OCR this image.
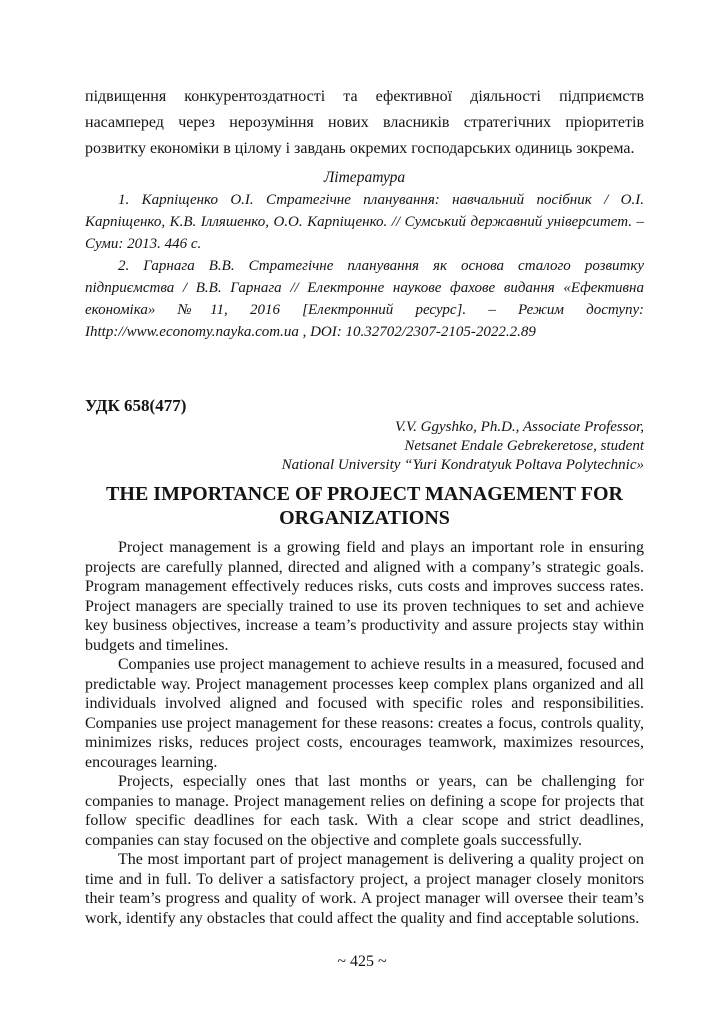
підвищення конкурентоздатності та ефективної діяльності підприємств насамперед через нерозуміння нових власників стратегічних пріоритетів розвитку економіки в цілому і завдань окремих господарських одиниць зокрема.
Література
1. Карпіщенко О.І. Стратегічне планування: навчальний посібник / О.І. Карпіщенко, К.В. Ілляшенко, О.О. Карпіщенко. // Сумський державний університет. – Суми: 2013. 446 с.
2. Гарнага В.В. Стратегічне планування як основа сталого розвитку підприємства / В.В. Гарнага // Електронне наукове фахове видання «Ефективна економіка» №11, 2016 [Електронний ресурс]. – Режим доступу: Іhttp://www.economy.nayka.com.ua , DOI: 10.32702/2307-2105-2022.2.89
УДК 658(477)
V.V. Ggyshko, Ph.D., Associate Professor,
Netsanet Endale Gebrekeretose, student
National University “Yuri Kondratyuk Poltava Polytechnic»
THE IMPORTANCE OF PROJECT MANAGEMENT FOR ORGANIZATIONS

Project management is a growing field and plays an important role in ensuring projects are carefully planned, directed and aligned with a company’s strategic goals. Program management effectively reduces risks, cuts costs and improves success rates. Project managers are specially trained to use its proven techniques to set and achieve key business objectives, increase a team’s productivity and assure projects stay within budgets and timelines.

Companies use project management to achieve results in a measured, focused and predictable way. Project management processes keep complex plans organized and all individuals involved aligned and focused with specific roles and responsibilities. Companies use project management for these reasons: creates a focus, controls quality, minimizes risks, reduces project costs, encourages teamwork, maximizes resources, encourages learning.

Projects, especially ones that last months or years, can be challenging for companies to manage. Project management relies on defining a scope for projects that follow specific deadlines for each task. With a clear scope and strict deadlines, companies can stay focused on the objective and complete goals successfully.

The most important part of project management is delivering a quality project on time and in full. To deliver a satisfactory project, a project manager closely monitors their team’s progress and quality of work. A project manager will oversee their team’s work, identify any obstacles that could affect the quality and find acceptable solutions.

~ 425 ~
